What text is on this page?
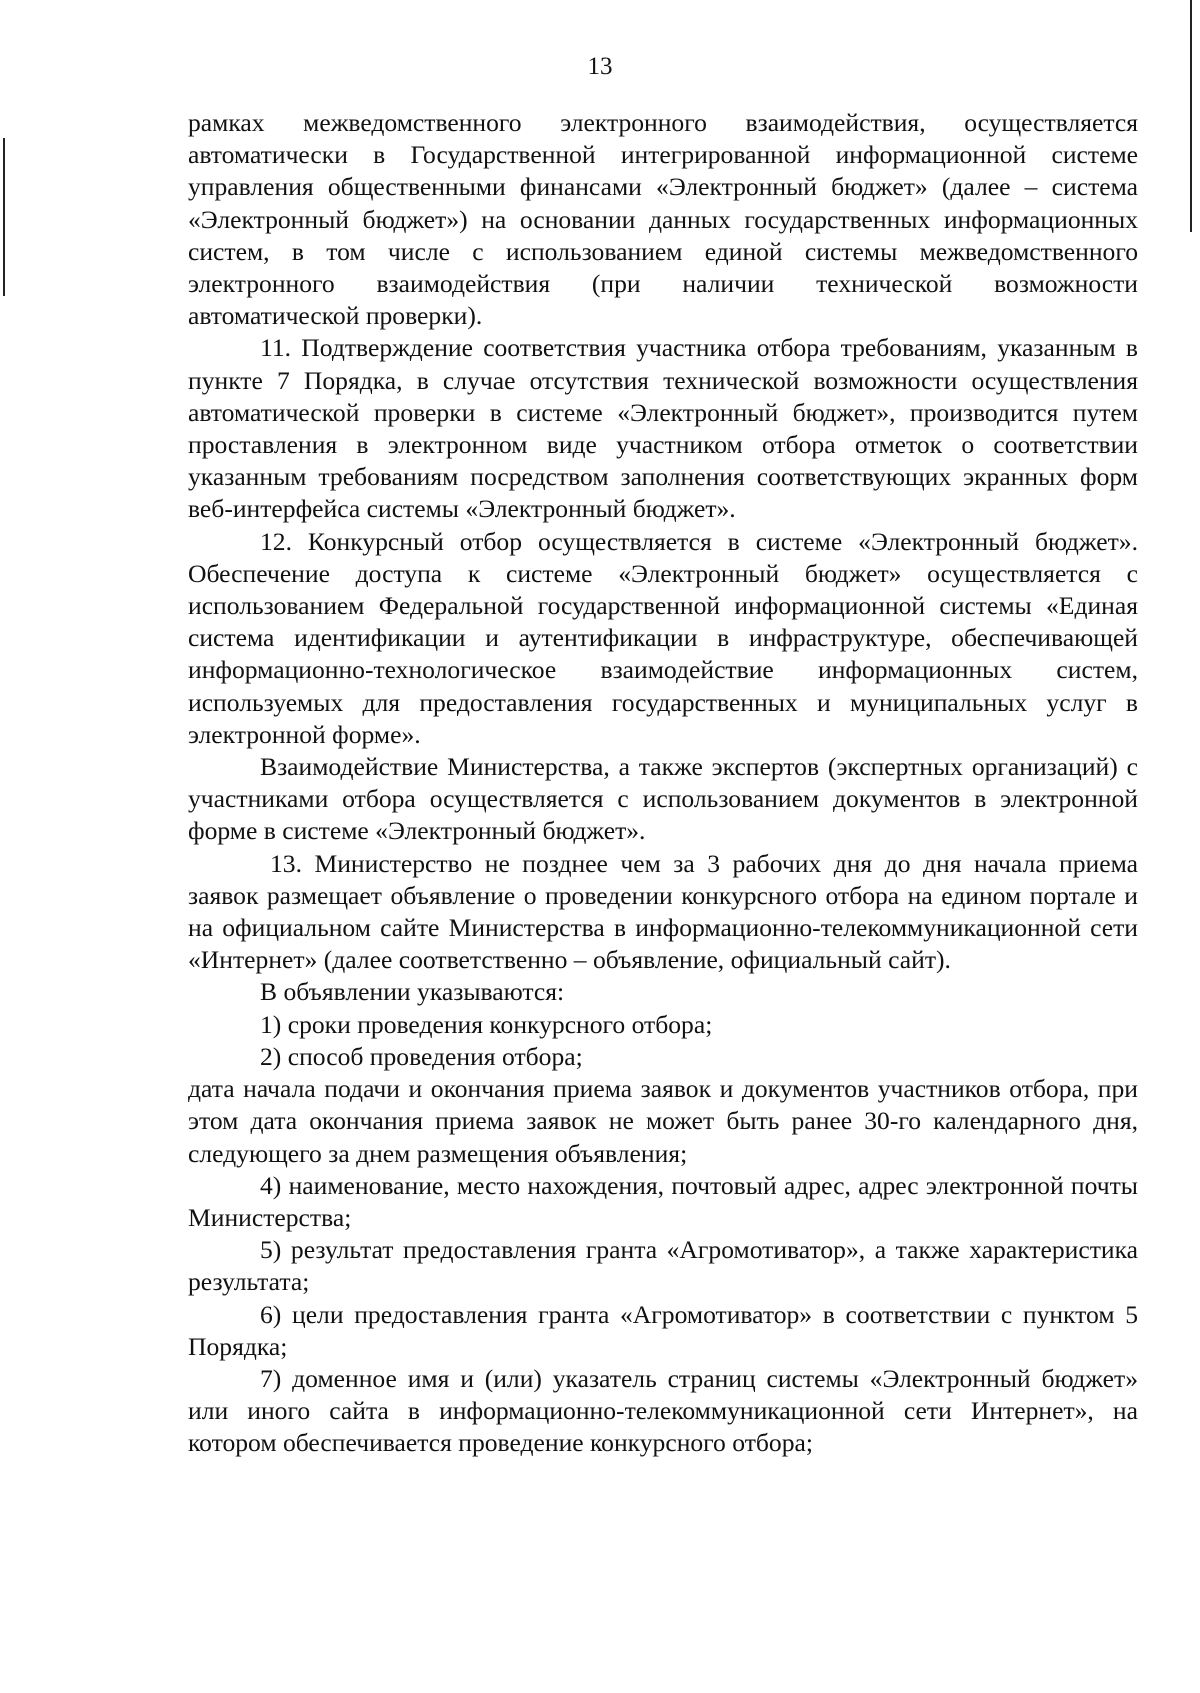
13

рамках межведомственного электронного взаимодействия, осуществляется автоматически в Государственной интегрированной информационной системе управления общественными финансами «Электронный бюджет» (далее – система «Электронный бюджет») на основании данных государственных информационных систем, в том числе с использованием единой системы межведомственного электронного взаимодействия (при наличии технической возможности автоматической проверки).

11. Подтверждение соответствия участника отбора требованиям, указанным в пункте 7 Порядка, в случае отсутствия технической возможности осуществления автоматической проверки в системе «Электронный бюджет», производится путем проставления в электронном виде участником отбора отметок о соответствии указанным требованиям посредством заполнения соответствующих экранных форм веб-интерфейса системы «Электронный бюджет».

12. Конкурсный отбор осуществляется в системе «Электронный бюджет». Обеспечение доступа к системе «Электронный бюджет» осуществляется с использованием Федеральной государственной информационной системы «Единая система идентификации и аутентификации в инфраструктуре, обеспечивающей информационно-технологическое взаимодействие информационных систем, используемых для предоставления государственных и муниципальных услуг в электронной форме».

Взаимодействие Министерства, а также экспертов (экспертных организаций) с участниками отбора осуществляется с использованием документов в электронной форме в системе «Электронный бюджет».

13. Министерство не позднее чем за 3 рабочих дня до дня начала приема заявок размещает объявление о проведении конкурсного отбора на едином портале и на официальном сайте Министерства в информационно-телекоммуникационной сети «Интернет» (далее соответственно – объявление, официальный сайт).

В объявлении указываются:

1) сроки проведения конкурсного отбора;

2) способ проведения отбора;

дата начала подачи и окончания приема заявок и документов участников отбора, при этом дата окончания приема заявок не может быть ранее 30-го календарного дня, следующего за днем размещения объявления;

4) наименование, место нахождения, почтовый адрес, адрес электронной почты Министерства;

5) результат предоставления гранта «Агромотиватор», а также характеристика результата;

6) цели предоставления гранта «Агромотиватор» в соответствии с пунктом 5 Порядка;

7) доменное имя и (или) указатель страниц системы «Электронный бюджет» или иного сайта в информационно-телекоммуникационной сети Интернет», на котором обеспечивается проведение конкурсного отбора;
